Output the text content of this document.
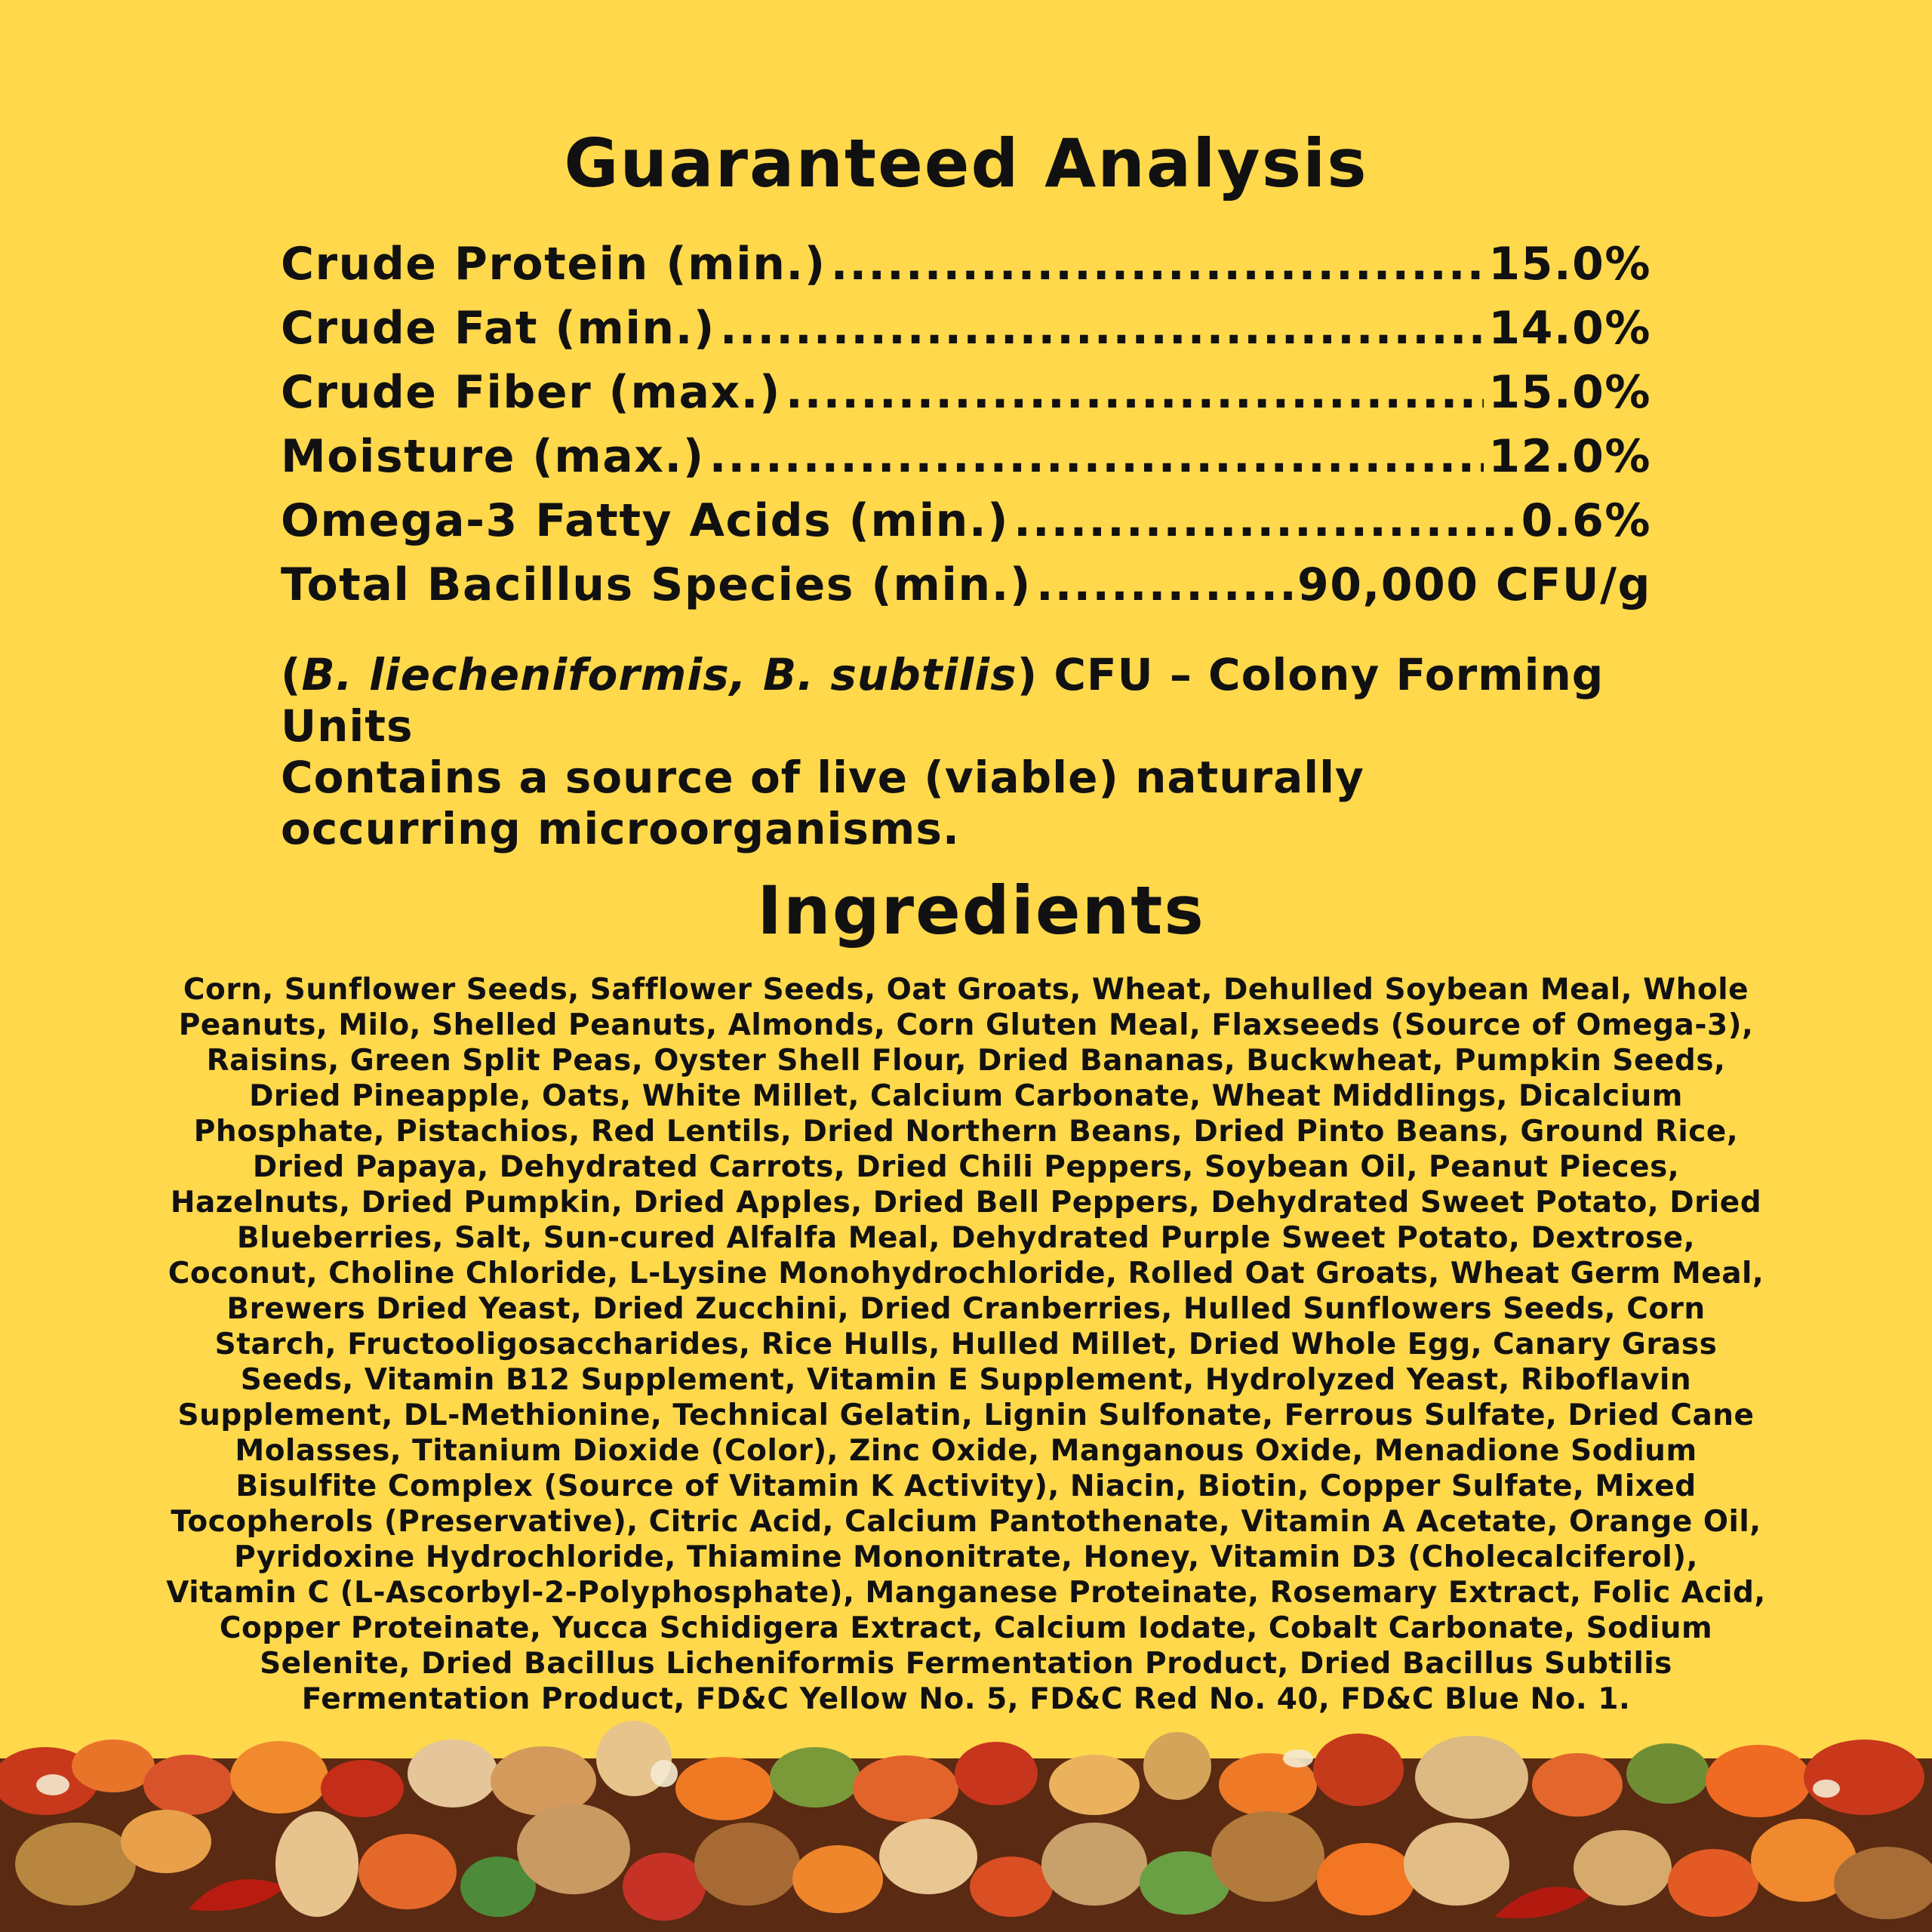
Guaranteed Analysis
Crude Protein (min.) .....	15.0%
Crude Fat (min.) .....	14.0%
Crude Fiber (max.) .....	15.0%
Moisture (max.) .....	12.0%
Omega-3 Fatty Acids (min.) .....	0.6%
Total Bacillus Species (min.) .....	90,000 CFU/g
(B. liecheniformis, B. subtilis) CFU – Colony Forming Units
Contains a source of live (viable) naturally
occurring microorganisms.
Ingredients
Corn, Sunflower Seeds, Safflower Seeds, Oat Groats, Wheat, Dehulled Soybean Meal, Whole Peanuts, Milo, Shelled Peanuts, Almonds, Corn Gluten Meal, Flaxseeds (Source of Omega-3), Raisins, Green Split Peas, Oyster Shell Flour, Dried Bananas, Buckwheat, Pumpkin Seeds, Dried Pineapple, Oats, White Millet, Calcium Carbonate, Wheat Middlings, Dicalcium Phosphate, Pistachios, Red Lentils, Dried Northern Beans, Dried Pinto Beans, Ground Rice, Dried Papaya, Dehydrated Carrots, Dried Chili Peppers, Soybean Oil, Peanut Pieces, Hazelnuts, Dried Pumpkin, Dried Apples, Dried Bell Peppers, Dehydrated Sweet Potato, Dried Blueberries, Salt, Sun-cured Alfalfa Meal, Dehydrated Purple Sweet Potato, Dextrose, Coconut, Choline Chloride, L-Lysine Monohydrochloride, Rolled Oat Groats, Wheat Germ Meal, Brewers Dried Yeast, Dried Zucchini, Dried Cranberries, Hulled Sunflowers Seeds, Corn Starch, Fructooligosaccharides, Rice Hulls, Hulled Millet, Dried Whole Egg, Canary Grass Seeds, Vitamin B12 Supplement, Vitamin E Supplement, Hydrolyzed Yeast, Riboflavin Supplement, DL-Methionine, Technical Gelatin, Lignin Sulfonate, Ferrous Sulfate, Dried Cane Molasses, Titanium Dioxide (Color), Zinc Oxide, Manganous Oxide, Menadione Sodium Bisulfite Complex (Source of Vitamin K Activity), Niacin, Biotin, Copper Sulfate, Mixed Tocopherols (Preservative), Citric Acid, Calcium Pantothenate, Vitamin A Acetate, Orange Oil, Pyridoxine Hydrochloride, Thiamine Mononitrate, Honey, Vitamin D3 (Cholecalciferol), Vitamin C (L-Ascorbyl-2-Polyphosphate), Manganese Proteinate, Rosemary Extract, Folic Acid, Copper Proteinate, Yucca Schidigera Extract, Calcium Iodate, Cobalt Carbonate, Sodium Selenite, Dried Bacillus Licheniformis Fermentation Product, Dried Bacillus Subtilis Fermentation Product, FD&C Yellow No. 5, FD&C Red No. 40, FD&C Blue No. 1.
